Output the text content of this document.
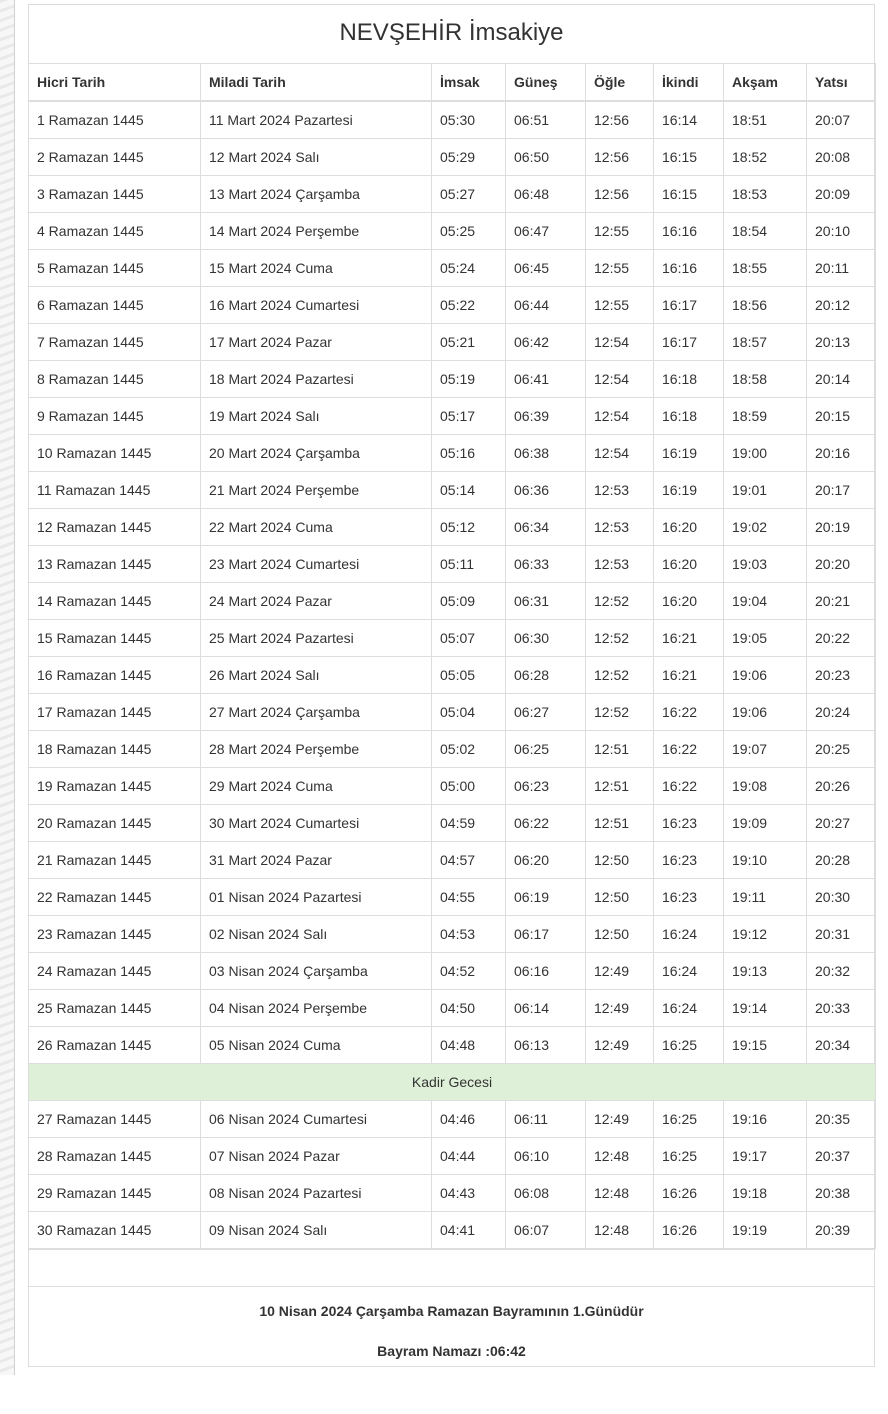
NEVŞEHİR İmsakiye
Hicri Tarih	Miladi Tarih	İmsak	Güneş	Öğle	İkindi	Akşam	Yatsı
1 Ramazan 1445	11 Mart 2024 Pazartesi	05:30	06:51	12:56	16:14	18:51	20:07
2 Ramazan 1445	12 Mart 2024 Salı	05:29	06:50	12:56	16:15	18:52	20:08
3 Ramazan 1445	13 Mart 2024 Çarşamba	05:27	06:48	12:56	16:15	18:53	20:09
4 Ramazan 1445	14 Mart 2024 Perşembe	05:25	06:47	12:55	16:16	18:54	20:10
5 Ramazan 1445	15 Mart 2024 Cuma	05:24	06:45	12:55	16:16	18:55	20:11
6 Ramazan 1445	16 Mart 2024 Cumartesi	05:22	06:44	12:55	16:17	18:56	20:12
7 Ramazan 1445	17 Mart 2024 Pazar	05:21	06:42	12:54	16:17	18:57	20:13
8 Ramazan 1445	18 Mart 2024 Pazartesi	05:19	06:41	12:54	16:18	18:58	20:14
9 Ramazan 1445	19 Mart 2024 Salı	05:17	06:39	12:54	16:18	18:59	20:15
10 Ramazan 1445	20 Mart 2024 Çarşamba	05:16	06:38	12:54	16:19	19:00	20:16
11 Ramazan 1445	21 Mart 2024 Perşembe	05:14	06:36	12:53	16:19	19:01	20:17
12 Ramazan 1445	22 Mart 2024 Cuma	05:12	06:34	12:53	16:20	19:02	20:19
13 Ramazan 1445	23 Mart 2024 Cumartesi	05:11	06:33	12:53	16:20	19:03	20:20
14 Ramazan 1445	24 Mart 2024 Pazar	05:09	06:31	12:52	16:20	19:04	20:21
15 Ramazan 1445	25 Mart 2024 Pazartesi	05:07	06:30	12:52	16:21	19:05	20:22
16 Ramazan 1445	26 Mart 2024 Salı	05:05	06:28	12:52	16:21	19:06	20:23
17 Ramazan 1445	27 Mart 2024 Çarşamba	05:04	06:27	12:52	16:22	19:06	20:24
18 Ramazan 1445	28 Mart 2024 Perşembe	05:02	06:25	12:51	16:22	19:07	20:25
19 Ramazan 1445	29 Mart 2024 Cuma	05:00	06:23	12:51	16:22	19:08	20:26
20 Ramazan 1445	30 Mart 2024 Cumartesi	04:59	06:22	12:51	16:23	19:09	20:27
21 Ramazan 1445	31 Mart 2024 Pazar	04:57	06:20	12:50	16:23	19:10	20:28
22 Ramazan 1445	01 Nisan 2024 Pazartesi	04:55	06:19	12:50	16:23	19:11	20:30
23 Ramazan 1445	02 Nisan 2024 Salı	04:53	06:17	12:50	16:24	19:12	20:31
24 Ramazan 1445	03 Nisan 2024 Çarşamba	04:52	06:16	12:49	16:24	19:13	20:32
25 Ramazan 1445	04 Nisan 2024 Perşembe	04:50	06:14	12:49	16:24	19:14	20:33
26 Ramazan 1445	05 Nisan 2024 Cuma	04:48	06:13	12:49	16:25	19:15	20:34
Kadir Gecesi							
27 Ramazan 1445	06 Nisan 2024 Cumartesi	04:46	06:11	12:49	16:25	19:16	20:35
28 Ramazan 1445	07 Nisan 2024 Pazar	04:44	06:10	12:48	16:25	19:17	20:37
29 Ramazan 1445	08 Nisan 2024 Pazartesi	04:43	06:08	12:48	16:26	19:18	20:38
30 Ramazan 1445	09 Nisan 2024 Salı	04:41	06:07	12:48	16:26	19:19	20:39
10 Nisan 2024 Çarşamba Ramazan Bayramının 1.Günüdür
Bayram Namazı :06:42
